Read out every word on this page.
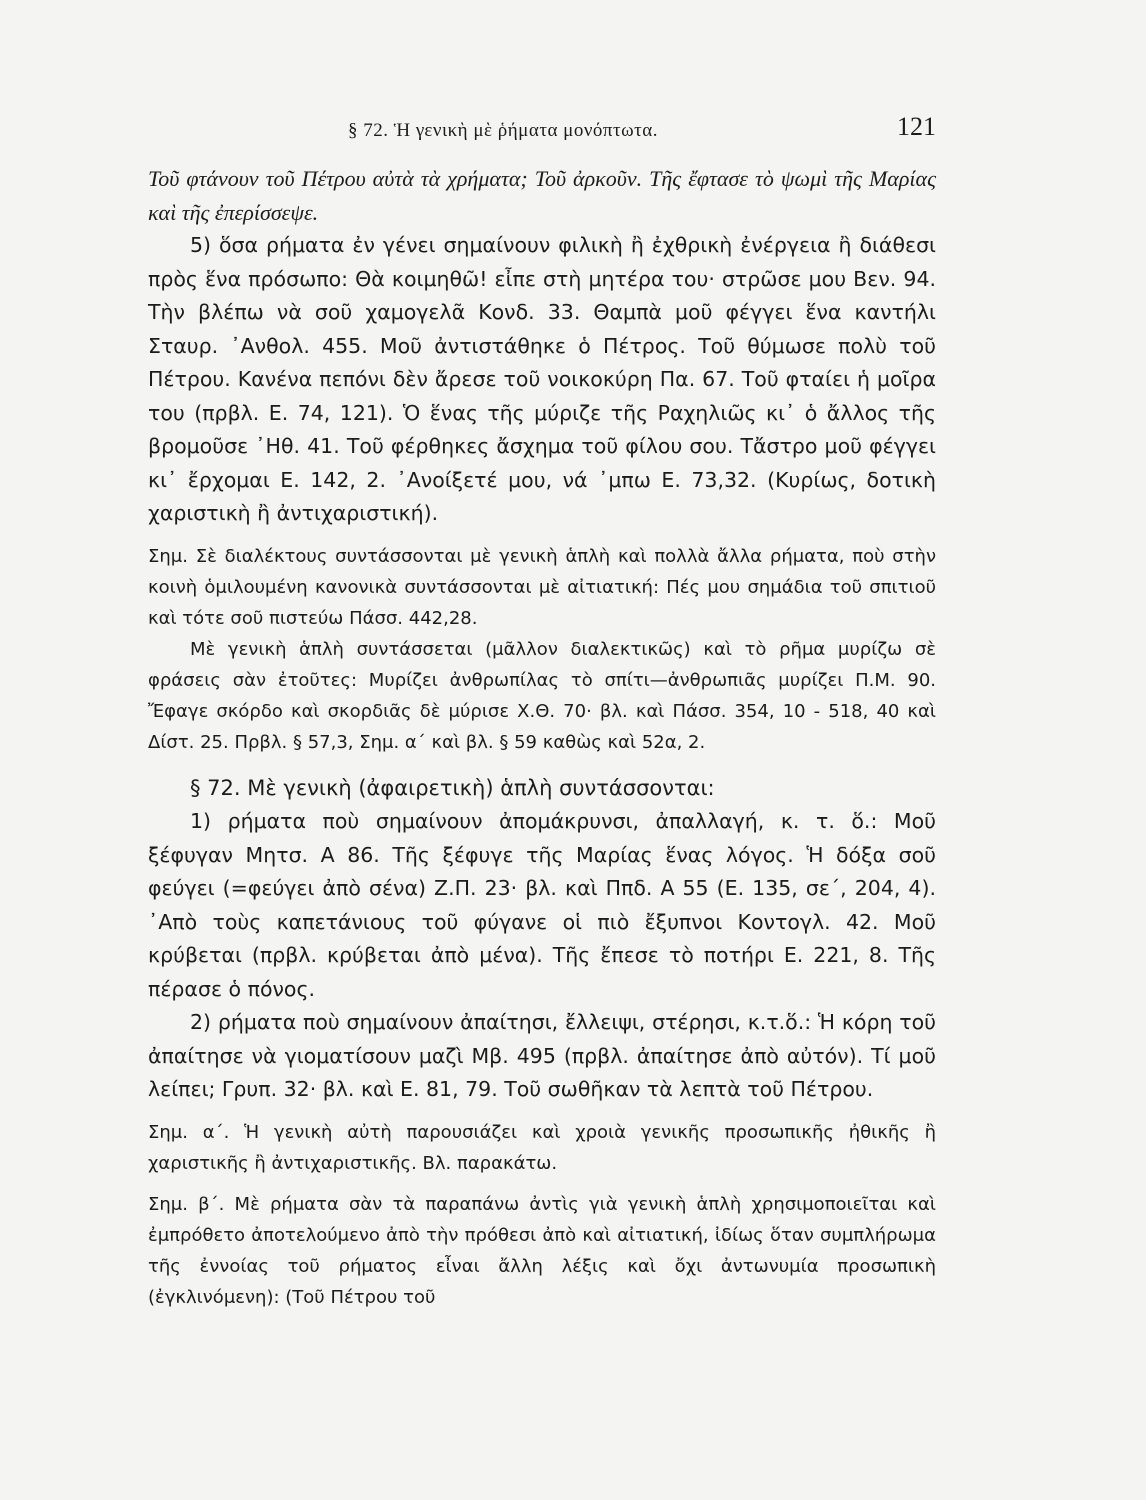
§ 72. Ἡ γενικὴ μὲ ῥήματα μονόπτωτα.	121

Τοῦ φτάνουν τοῦ Πέτρου αὐτὰ τὰ χρήματα; Τοῦ ἀρκοῦν. Τῆς ἔφτασε τὸ ψωμὶ τῆς Μαρίας καὶ τῆς ἐπερίσσεψε.

5) ὅσα ρήματα ἐν γένει σημαίνουν φιλικὴ ἢ ἐχθρικὴ ἐνέργεια ἢ διάθεσι πρὸς ἕνα πρόσωπο: Θὰ κοιμηθῶ! εἶπε στὴ μητέρα του· στρῶσε μου Βεν. 94. Τὴν βλέπω νὰ σοῦ χαμογελᾶ Κονδ. 33. Θαμπὰ μοῦ φέγγει ἕνα καντήλι Σταυρ. ᾿Ανθολ. 455. Μοῦ ἀντιστάθηκε ὁ Πέτρος. Τοῦ θύμωσε πολὺ τοῦ Πέτρου. Κανένα πεπόνι δὲν ἄρεσε τοῦ νοικοκύρη Πα. 67. Τοῦ φταίει ἡ μοῖρα του (πρβλ. Ε. 74, 121). Ὁ ἕνας τῆς μύριζε τῆς Ραχηλιῶς κι᾿ ὁ ἄλλος τῆς βρομοῦσε ᾿Ηθ. 41. Τοῦ φέρθηκες ἄσχημα τοῦ φίλου σου. Τἄστρο μοῦ φέγγει κι᾿ ἔρχομαι Ε. 142, 2. ᾿Ανοίξετέ μου, νά ᾿μπω Ε. 73,32. (Κυρίως, δοτικὴ χαριστικὴ ἢ ἀντιχαριστική).

Σημ. Σὲ διαλέκτους συντάσσονται μὲ γενικὴ ἁπλὴ καὶ πολλὰ ἄλλα ρήματα, ποὺ στὴν κοινὴ ὁμιλουμένη κανονικὰ συντάσσονται μὲ αἰτιατική: Πές μου σημάδια τοῦ σπιτιοῦ καὶ τότε σοῦ πιστεύω Πάσσ. 442,28.

Μὲ γενικὴ ἁπλὴ συντάσσεται (μᾶλλον διαλεκτικῶς) καὶ τὸ ρῆμα μυρίζω σὲ φράσεις σὰν ἐτοῦτες: Μυρίζει ἀνθρωπίλας τὸ σπίτι—ἀνθρωπιᾶς μυρίζει Π.Μ. 90. Ἔφαγε σκόρδο καὶ σκορδιᾶς δὲ μύρισε Χ.Θ. 70· βλ. καὶ Πάσσ. 354, 10 - 518, 40 καὶ Δίστ. 25. Πρβλ. § 57,3, Σημ. α΄ καὶ βλ. § 59 καθὼς καὶ 52α, 2.

§ 72. Μὲ γενικὴ (ἀφαιρετικὴ) ἁπλὴ συντάσσονται:

1) ρήματα ποὺ σημαίνουν ἀπομάκρυνσι, ἀπαλλαγή, κ. τ. ὅ.: Μοῦ ξέφυγαν Μητσ. Α 86. Τῆς ξέφυγε τῆς Μαρίας ἕνας λόγος. Ἡ δόξα σοῦ φεύγει (=φεύγει ἀπὸ σένα) Ζ.Π. 23· βλ. καὶ Ππδ. Α 55 (Ε. 135, σε΄, 204, 4). ᾿Απὸ τοὺς καπετάνιους τοῦ φύγανε οἱ πιὸ ἔξυπνοι Κοντογλ. 42. Μοῦ κρύβεται (πρβλ. κρύβεται ἀπὸ μένα). Τῆς ἔπεσε τὸ ποτήρι Ε. 221, 8. Τῆς πέρασε ὁ πόνος.

2) ρήματα ποὺ σημαίνουν ἀπαίτησι, ἔλλειψι, στέρησι, κ.τ.ὅ.: Ἡ κόρη τοῦ ἀπαίτησε νὰ γιοματίσουν μαζὶ Μβ. 495 (πρβλ. ἀπαίτησε ἀπὸ αὐτόν). Τί μοῦ λείπει; Γρυπ. 32· βλ. καὶ Ε. 81, 79. Τοῦ σωθῆκαν τὰ λεπτὰ τοῦ Πέτρου.

Σημ. α΄. Ἡ γενικὴ αὐτὴ παρουσιάζει καὶ χροιὰ γενικῆς προσωπικῆς ἠθικῆς ἢ χαριστικῆς ἢ ἀντιχαριστικῆς. Βλ. παρακάτω.

Σημ. β΄. Μὲ ρήματα σὰν τὰ παραπάνω ἀντὶς γιὰ γενικὴ ἁπλὴ χρησιμοποιεῖται καὶ ἐμπρόθετο ἀποτελούμενο ἀπὸ τὴν πρόθεσι ἀπὸ καὶ αἰτιατική, ἰδίως ὅταν συμπλήρωμα τῆς ἐννοίας τοῦ ρήματος εἶναι ἄλλη λέξις καὶ ὄχι ἀντωνυμία προσωπικὴ (ἐγκλινόμενη): (Τοῦ Πέτρου τοῦ
